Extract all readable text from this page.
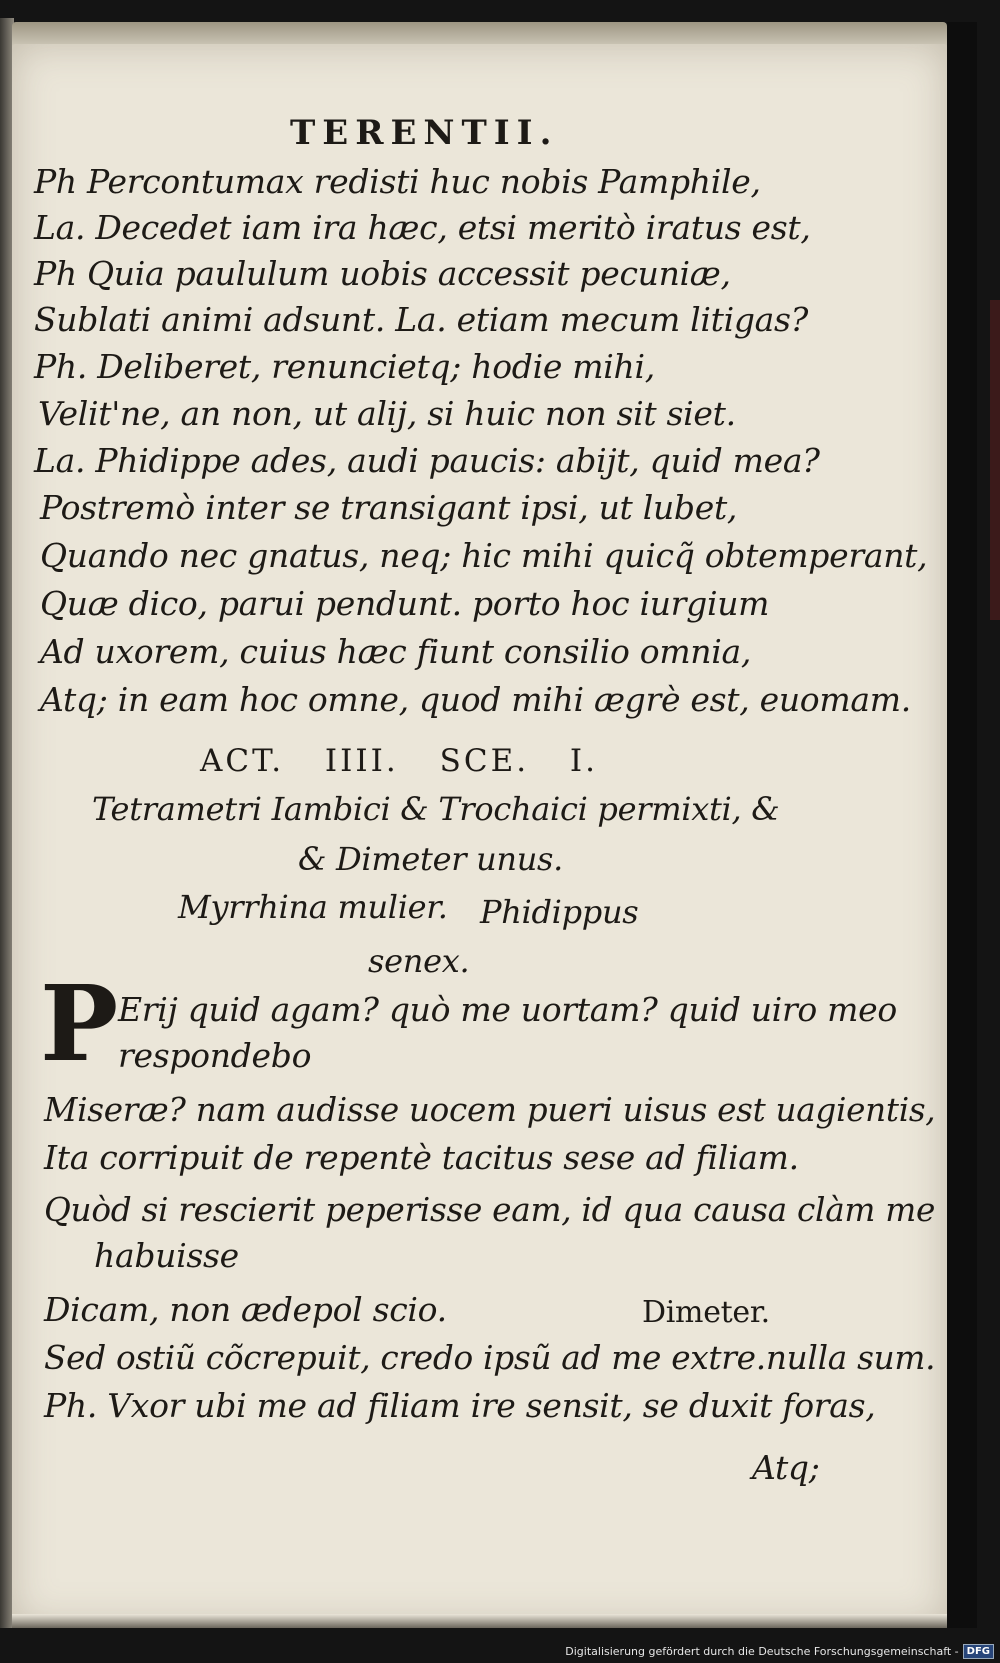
TERENTII.
Ph Percontumax redisti huc nobis Pamphile,
La. Decedet iam ira hæc, etsi meritò iratus est,
Ph Quia paululum uobis accessit pecuniæ,
Sublati animi adsunt. La. etiam mecum litigas?
Ph. Deliberet, renuncietq; hodie mihi,
Velit'ne, an non, ut alij, si huic non sit siet.
La. Phidippe ades, audi paucis: abijt, quid mea?
Postremò inter se transigant ipsi, ut lubet,
Quando nec gnatus, neq; hic mihi quicq̃ obtemperant,
Quæ dico, parui pendunt. porto hoc iurgium
Ad uxorem, cuius hæc fiunt consilio omnia,
Atq; in eam hoc omne, quod mihi ægrè est, euomam.
ACT. IIII. SCE. I.
Tetrametri Iambici & Trochaici permixti, &
& Dimeter unus.
Myrrhina mulier. Phidippus
senex.
P Erij quid agam? quò me uortam? quid uiro meo
respondebo
Miseræ? nam audisse uocem pueri uisus est uagientis,
Ita corripuit de repentè tacitus sese ad filiam.
Quòd si rescierit peperisse eam, id qua causa clàm me
habuisse
Dicam, non ædepol scio.	Dimeter.
Sed ostiũ cõcrepuit, credo ipsũ ad me extre.nulla sum.
Ph. Vxor ubi me ad filiam ire sensit, se duxit foras,
Atq;
Digitalisierung gefördert durch die Deutsche Forschungsgemeinschaft - DFG
